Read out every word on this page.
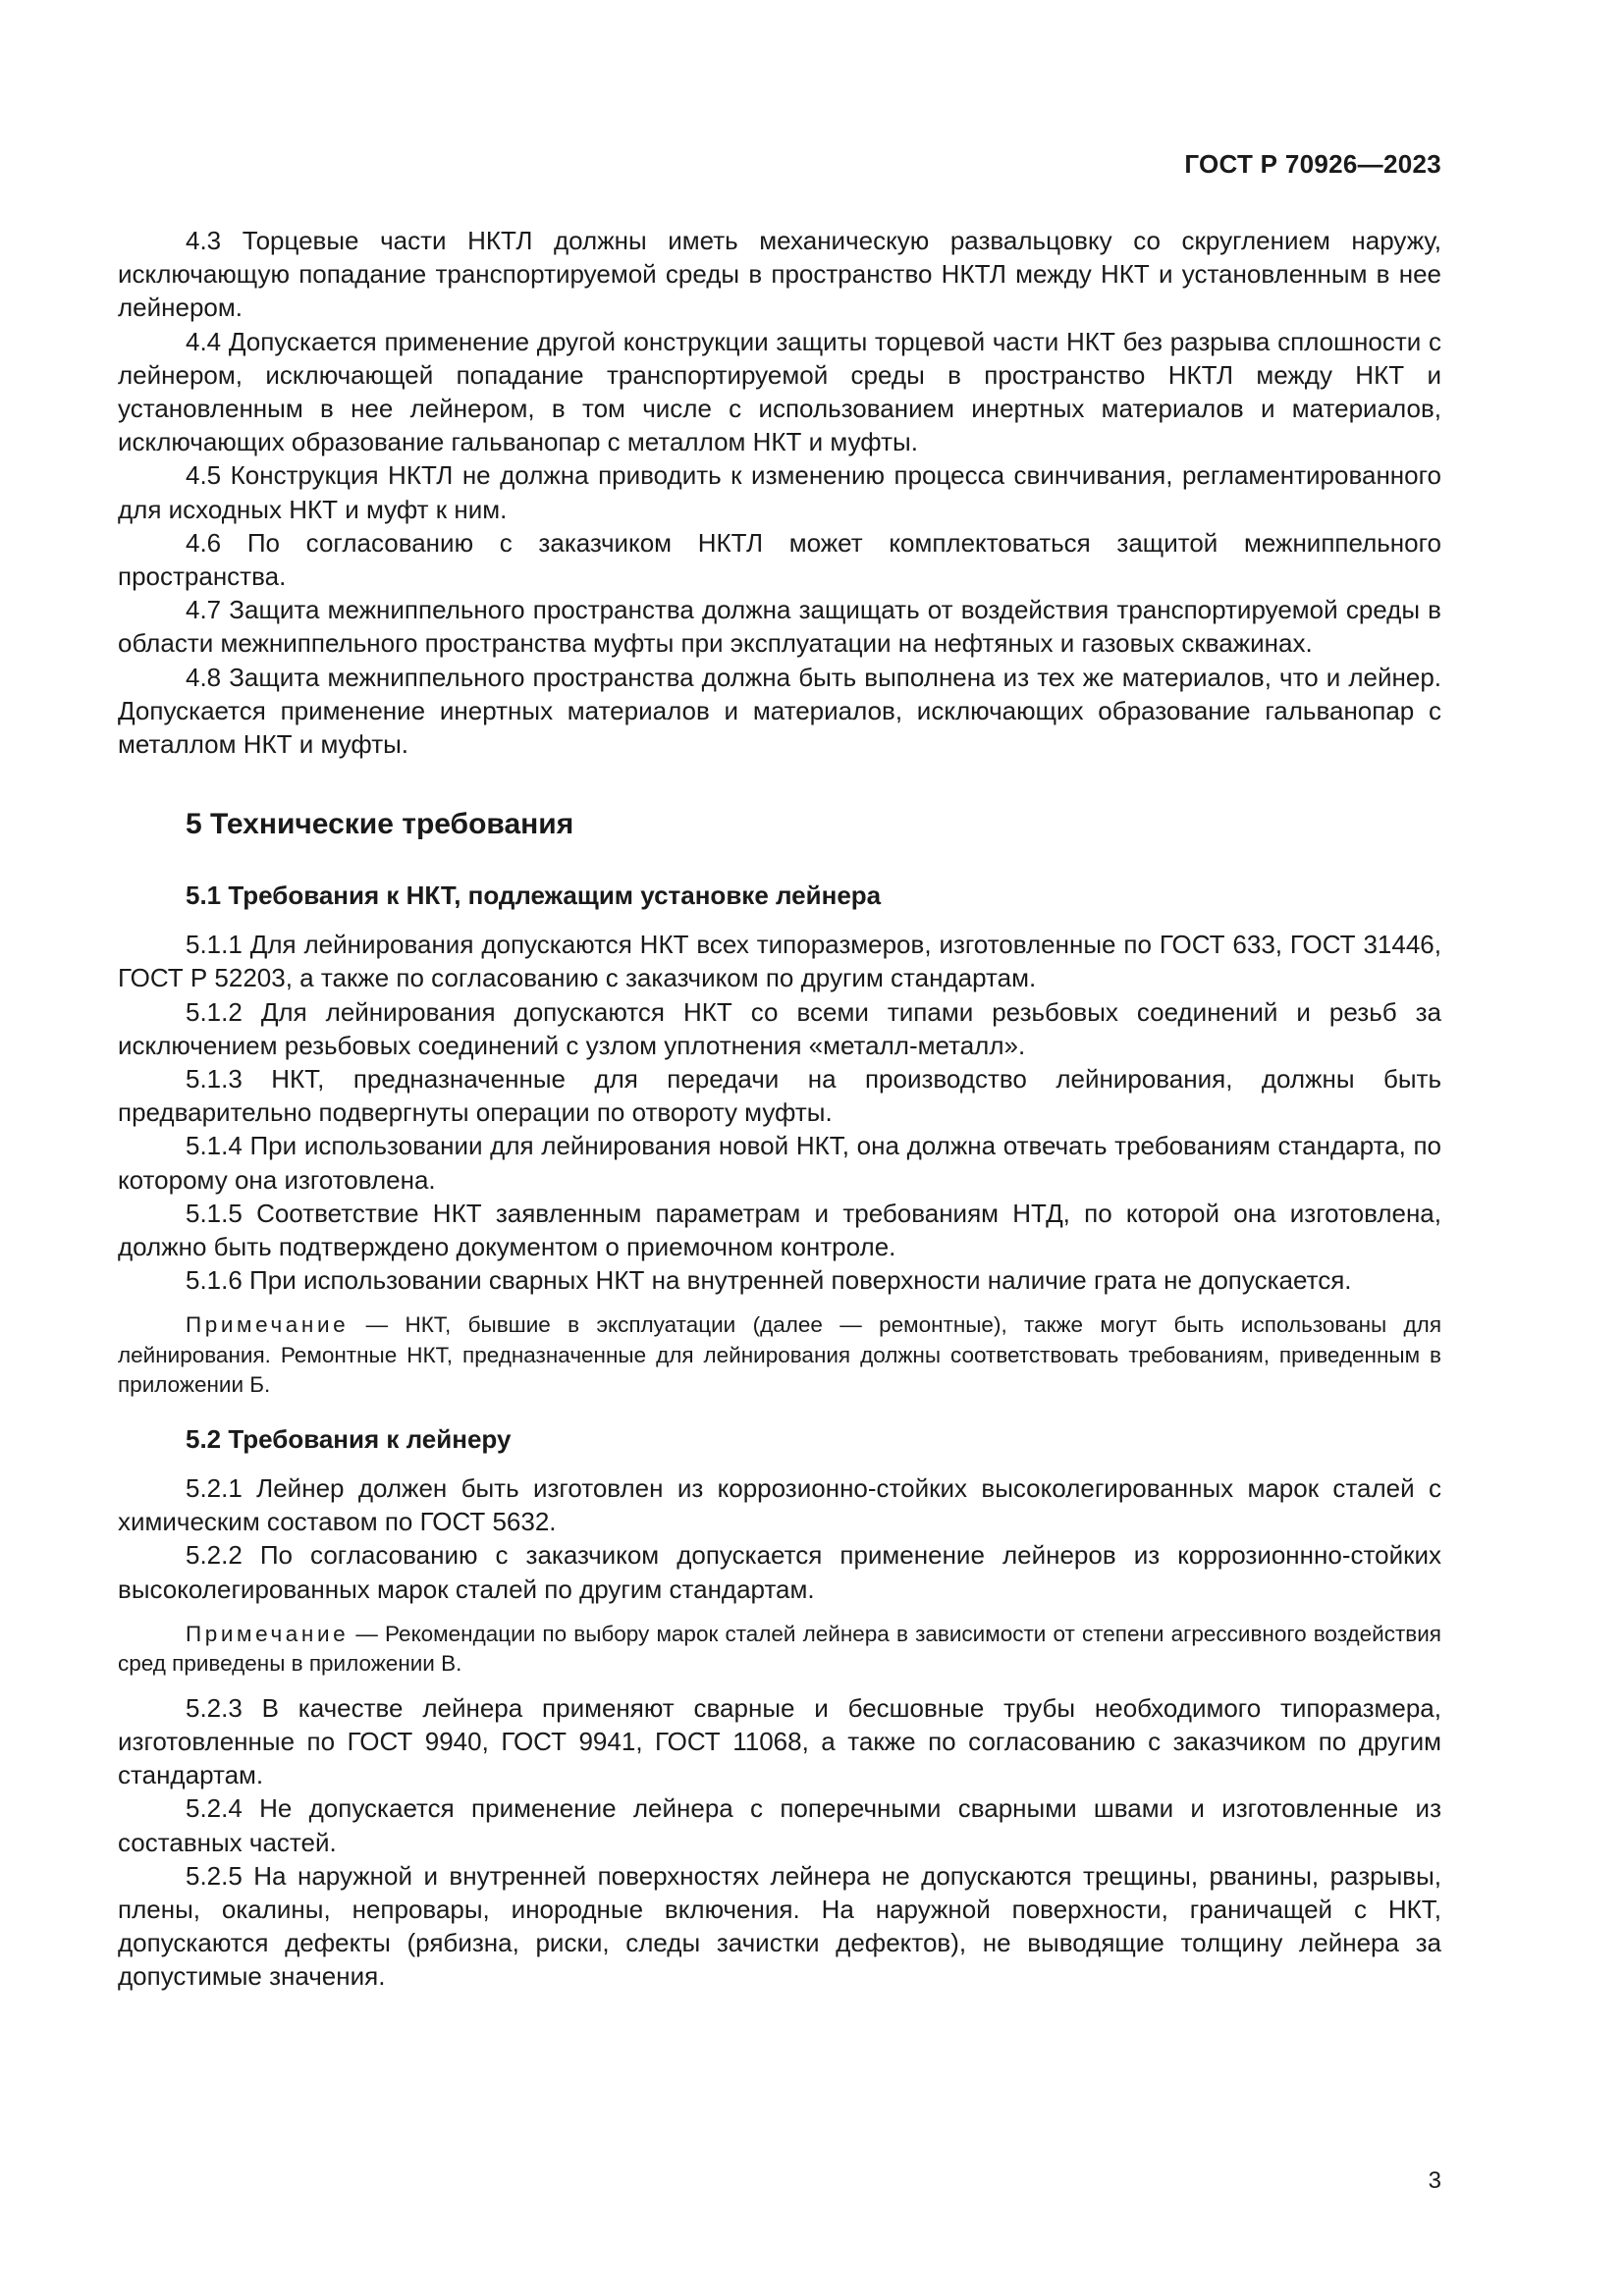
ГОСТ Р 70926—2023

4.3 Торцевые части НКТЛ должны иметь механическую развальцовку со скруглением наружу, исключающую попадание транспортируемой среды в пространство НКТЛ между НКТ и установленным в нее лейнером.

4.4 Допускается применение другой конструкции защиты торцевой части НКТ без разрыва сплошности с лейнером, исключающей попадание транспортируемой среды в пространство НКТЛ между НКТ и установленным в нее лейнером, в том числе с использованием инертных материалов и материалов, исключающих образование гальванопар с металлом НКТ и муфты.

4.5 Конструкция НКТЛ не должна приводить к изменению процесса свинчивания, регламентированного для исходных НКТ и муфт к ним.

4.6 По согласованию с заказчиком НКТЛ может комплектоваться защитой межниппельного пространства.

4.7 Защита межниппельного пространства должна защищать от воздействия транспортируемой среды в области межниппельного пространства муфты при эксплуатации на нефтяных и газовых скважинах.

4.8 Защита межниппельного пространства должна быть выполнена из тех же материалов, что и лейнер. Допускается применение инертных материалов и материалов, исключающих образование гальванопар с металлом НКТ и муфты.

5 Технические требования
5.1 Требования к НКТ, подлежащим установке лейнера

5.1.1 Для лейнирования допускаются НКТ всех типоразмеров, изготовленные по ГОСТ 633, ГОСТ 31446, ГОСТ Р 52203, а также по согласованию с заказчиком по другим стандартам.

5.1.2 Для лейнирования допускаются НКТ со всеми типами резьбовых соединений и резьб за исключением резьбовых соединений с узлом уплотнения «металл-металл».

5.1.3 НКТ, предназначенные для передачи на производство лейнирования, должны быть предварительно подвергнуты операции по отвороту муфты.

5.1.4 При использовании для лейнирования новой НКТ, она должна отвечать требованиям стандарта, по которому она изготовлена.

5.1.5 Соответствие НКТ заявленным параметрам и требованиям НТД, по которой она изготовлена, должно быть подтверждено документом о приемочном контроле.

5.1.6 При использовании сварных НКТ на внутренней поверхности наличие грата не допускается.

Примечание — НКТ, бывшие в эксплуатации (далее — ремонтные), также могут быть использованы для лейнирования. Ремонтные НКТ, предназначенные для лейнирования должны соответствовать требованиям, приведенным в приложении Б.

5.2 Требования к лейнеру

5.2.1 Лейнер должен быть изготовлен из коррозионно-стойких высоколегированных марок сталей с химическим составом по ГОСТ 5632.

5.2.2 По согласованию с заказчиком допускается применение лейнеров из коррозионнно-стойких высоколегированных марок сталей по другим стандартам.

Примечание — Рекомендации по выбору марок сталей лейнера в зависимости от степени агрессивного воздействия сред приведены в приложении В.

5.2.3 В качестве лейнера применяют сварные и бесшовные трубы необходимого типоразмера, изготовленные по ГОСТ 9940, ГОСТ 9941, ГОСТ 11068, а также по согласованию с заказчиком по другим стандартам.

5.2.4 Не допускается применение лейнера с поперечными сварными швами и изготовленные из составных частей.

5.2.5 На наружной и внутренней поверхностях лейнера не допускаются трещины, рванины, разрывы, плены, окалины, непровары, инородные включения. На наружной поверхности, граничащей с НКТ, допускаются дефекты (рябизна, риски, следы зачистки дефектов), не выводящие толщину лейнера за допустимые значения.

3
